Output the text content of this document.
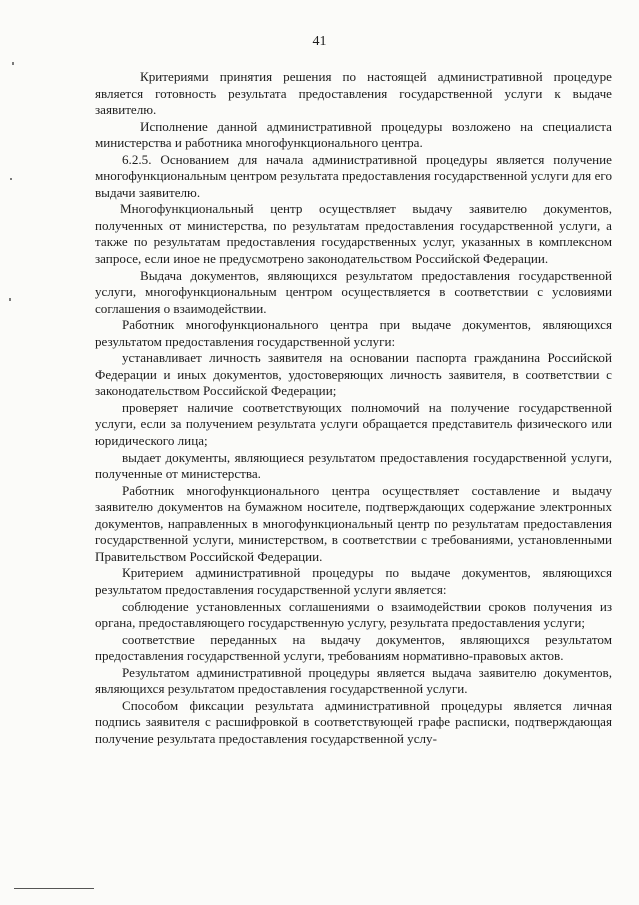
41

Критериями принятия решения по настоящей административной процедуре является готовность результата предоставления государственной услуги к выдаче заявителю.

Исполнение данной административной процедуры возложено на специалиста министерства и работника многофункционального центра.

6.2.5. Основанием для начала административной процедуры является получение многофункциональным центром результата предоставления государственной услуги для его выдачи заявителю.

Многофункциональный центр осуществляет выдачу заявителю документов, полученных от министерства, по результатам предоставления государственной услуги, а также по результатам предоставления государственных услуг, указанных в комплексном запросе, если иное не предусмотрено законодательством Российской Федерации.

Выдача документов, являющихся результатом предоставления государственной услуги, многофункциональным центром осуществляется в соответствии с условиями соглашения о взаимодействии.

Работник многофункционального центра при выдаче документов, являющихся результатом предоставления государственной услуги:

устанавливает личность заявителя на основании паспорта гражданина Российской Федерации и иных документов, удостоверяющих личность заявителя, в соответствии с законодательством Российской Федерации;

проверяет наличие соответствующих полномочий на получение государственной услуги, если за получением результата услуги обращается представитель физического или юридического лица;

выдает документы, являющиеся результатом предоставления государственной услуги, полученные от министерства.

Работник многофункционального центра осуществляет составление и выдачу заявителю документов на бумажном носителе, подтверждающих содержание электронных документов, направленных в многофункциональный центр по результатам предоставления государственной услуги, министерством, в соответствии с требованиями, установленными Правительством Российской Федерации.

Критерием административной процедуры по выдаче документов, являющихся результатом предоставления государственной услуги является:

соблюдение установленных соглашениями о взаимодействии сроков получения из органа, предоставляющего государственную услугу, результата предоставления услуги;

соответствие переданных на выдачу документов, являющихся результатом предоставления государственной услуги, требованиям нормативно-правовых актов.

Результатом административной процедуры является выдача заявителю документов, являющихся результатом предоставления государственной услуги.

Способом фиксации результата административной процедуры является личная подпись заявителя с расшифровкой в соответствующей графе расписки, подтверждающая получение результата предоставления государственной услу-
